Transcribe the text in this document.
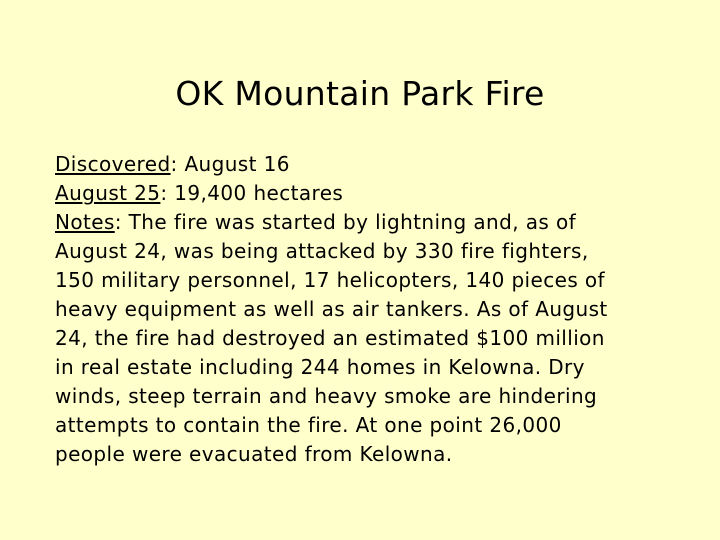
OK Mountain Park Fire
Discovered: August 16
August 25: 19,400 hectares
Notes: The fire was started by lightning and, as of
August 24, was being attacked by 330 fire fighters,
150 military personnel, 17 helicopters, 140 pieces of
heavy equipment as well as air tankers. As of August
24, the fire had destroyed an estimated $100 million
in real estate including 244 homes in Kelowna. Dry
winds, steep terrain and heavy smoke are hindering
attempts to contain the fire. At one point 26,000
people were evacuated from Kelowna.
